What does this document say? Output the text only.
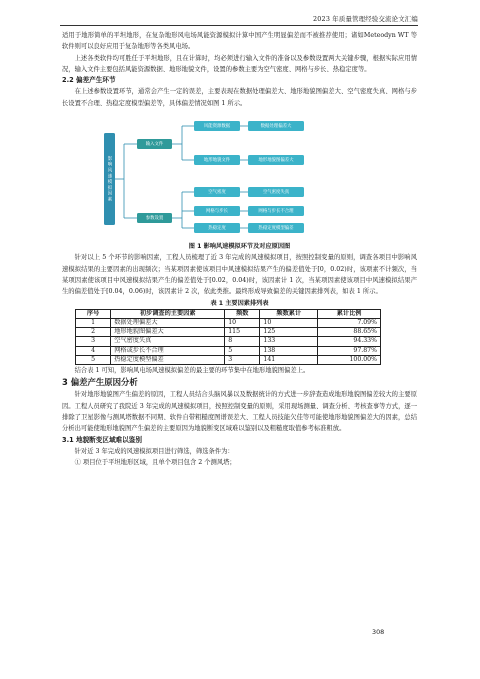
2023 年质量管理经验交流论文汇编

适用于地形简单的平坦地形，在复杂地形风电场风能资源模拟计算中国产生明显偏差而不被推荐使用；诸如Meteodyn WT 等软件则可以良好应用于复杂地形等各类风电场。

上述各类软件均可胜任于平坦地形，且在计算时，均必须进行输入文件的准备以及参数设置两大关键步骤，根据实际应用情况，输入文件主要包括风能资源数据、地形地貌文件，设置的参数主要为空气密度、网格与步长、热稳定度等。

2.2 偏差产生环节

在上述参数设置环节，通常会产生一定的误差，主要表现在数据处理偏差大、地形地貌图偏差大、空气密度失真、网格与步长设置不合理、热稳定度模型偏差等，具体偏差情况如图 1 所示。

影响风速模拟因素
输入文件
参数设置
风能资源数据
地形地貌文件
空气密度
网格与步长
热稳定度
数据处理偏差大
地形地貌图偏差大
空气密度失真
网格与步长不合理
热稳定度模型偏差

图 1 影响风速模拟环节及对应原因图

针对以上 5 个环节的影响因素，工程人员梳理了近 3 年完成的风速模拟项目，按照控制变量的原则，调查各项目中影响风速模拟结果的主要因素的出现频次；当某项因素使该项目中风速模拟结果产生的偏差值处于[0，0.02)时，该项素不计频次，当某项因素使该项目中风速模拟结果产生的偏差值处于[0.02，0.04)时，该因素计 1 次，当某项因素使该项目中风速模拟结果产生的偏差值处于[0.04，0.06)时，该因素计 2 次，依此类推。最终形成导致偏差的关键因素排列表，如表 1 所示。

表 1 主要因素排列表

序号	初步调查的主要因素	频数	频数累计	累计比例
1	数据处理偏差大	10	10	7.09%
2	地形地貌图偏差大	115	125	88.65%
3	空气密度失真	8	133	94.33%
4	网格或步长不合理	5	138	97.87%
5	热稳定度模型偏差	3	141	100.00%

结合表 1 可知，影响风电场风速模拟偏差的最主要的环节集中在地形地貌图偏差上。

3 偏差产生原因分析

针对地形地貌图产生偏差的原因，工程人员结合头脑风暴以及数据统计的方式进一步辞查造成地形地貌图偏差较大的主要原因。工程人员研究了我院近 3 年完成的风速模拟项目，按照控制变量的原则，采用现场测量、调查分析、考核查事等方式，逐一排除了卫星影像与测风塔数据不同期、软件自带粗糙度图谱误差大、工程人员技能欠佳等可能使地形地貌图偏差大的因素，总结分析出可能使地形地貌图产生偏差的主要原因为地貌断变区域难以鉴别以及粗糙度取值参考标准粗放。

3.1 地貌断变区域难以鉴别

针对近 3 年完成的风速模拟项目进行筛选，筛选条件为：

① 项目位于平坦地形区域，且单个项目包含 2 个测风塔；

308
